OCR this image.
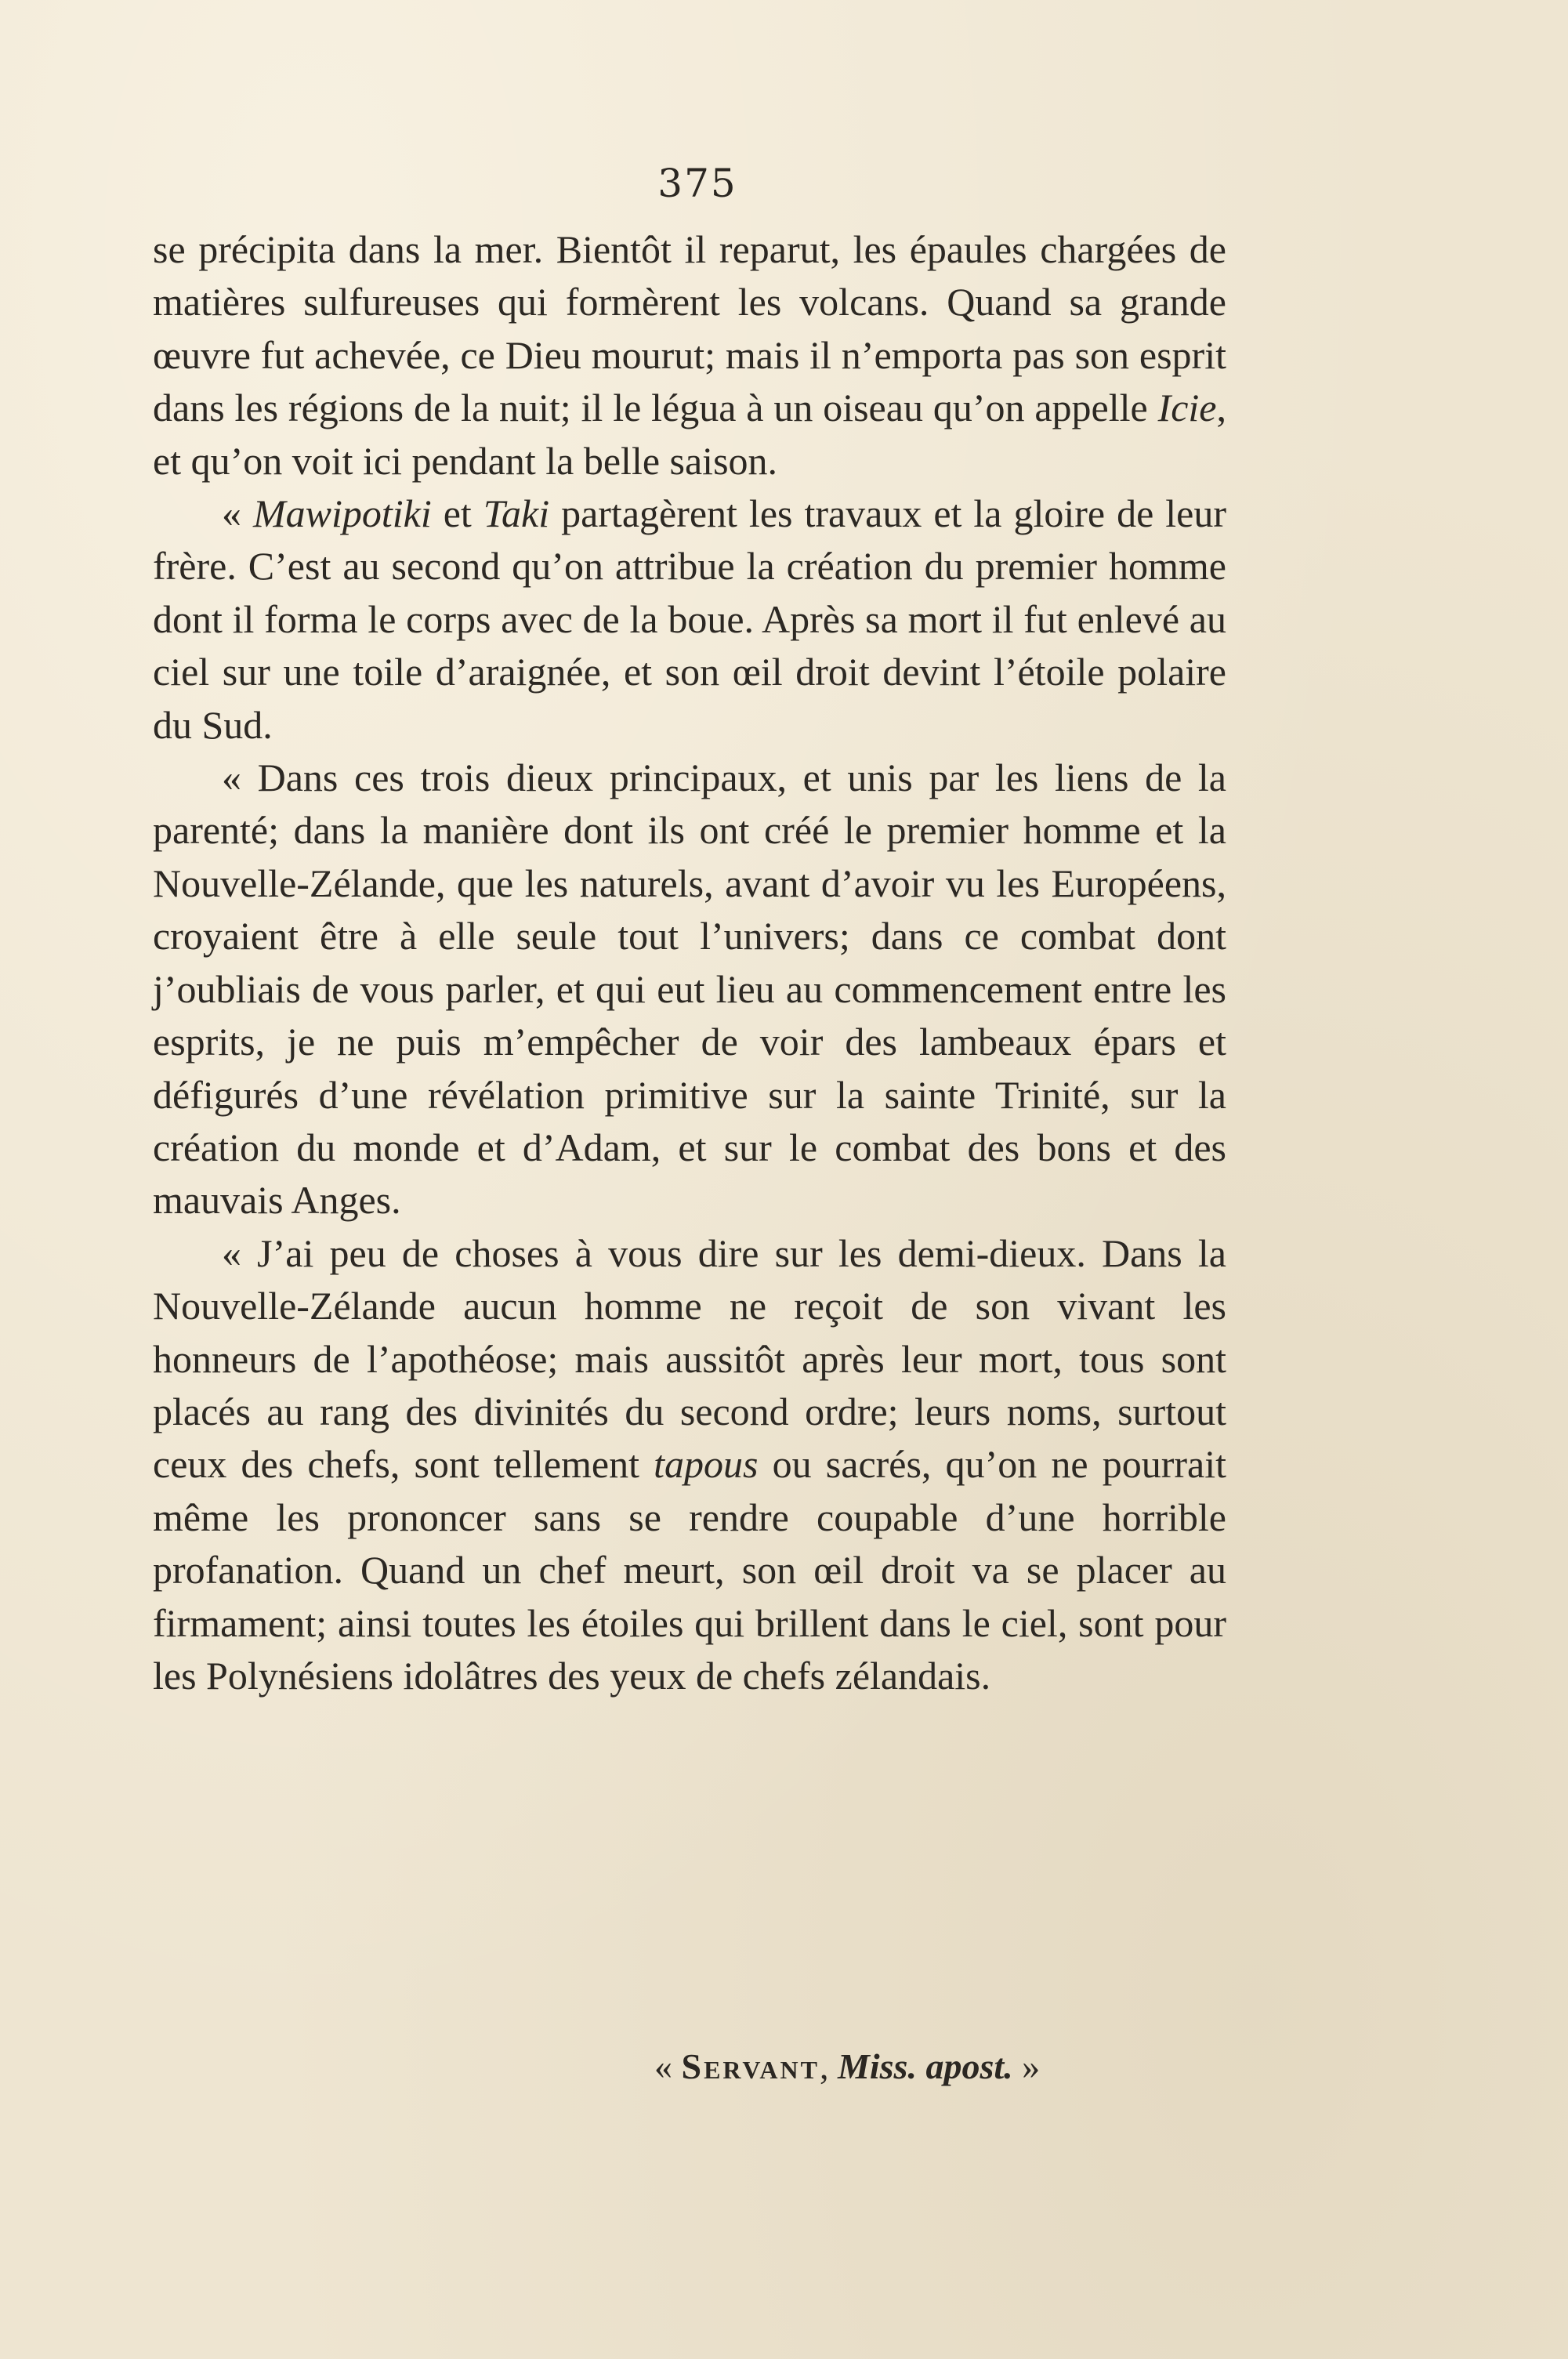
375

se précipita dans la mer. Bientôt il reparut, les épaules chargées de matières sulfureuses qui formèrent les volcans. Quand sa grande œuvre fut achevée, ce Dieu mourut; mais il n’emporta pas son esprit dans les régions de la nuit; il le légua à un oiseau qu’on appelle Icie, et qu’on voit ici pendant la belle saison.

« Mawipotiki et Taki partagèrent les travaux et la gloire de leur frère. C’est au second qu’on attribue la création du premier homme dont il forma le corps avec de la boue. Après sa mort il fut enlevé au ciel sur une toile d’araignée, et son œil droit devint l’étoile polaire du Sud.

« Dans ces trois dieux principaux, et unis par les liens de la parenté; dans la manière dont ils ont créé le premier homme et la Nouvelle-Zélande, que les naturels, avant d’avoir vu les Européens, croyaient être à elle seule tout l’univers; dans ce combat dont j’oubliais de vous parler, et qui eut lieu au commencement entre les esprits, je ne puis m’empêcher de voir des lambeaux épars et défigurés d’une révélation primitive sur la sainte Trinité, sur la création du monde et d’Adam, et sur le combat des bons et des mauvais Anges.

« J’ai peu de choses à vous dire sur les demi-dieux. Dans la Nouvelle-Zélande aucun homme ne reçoit de son vivant les honneurs de l’apothéose; mais aussitôt après leur mort, tous sont placés au rang des divinités du second ordre; leurs noms, surtout ceux des chefs, sont tellement tapous ou sacrés, qu’on ne pourrait même les prononcer sans se rendre coupable d’une horrible profanation. Quand un chef meurt, son œil droit va se placer au firmament; ainsi toutes les étoiles qui brillent dans le ciel, sont pour les Polynésiens idolâtres des yeux de chefs zélandais.

« Servant, Miss. apost. »
